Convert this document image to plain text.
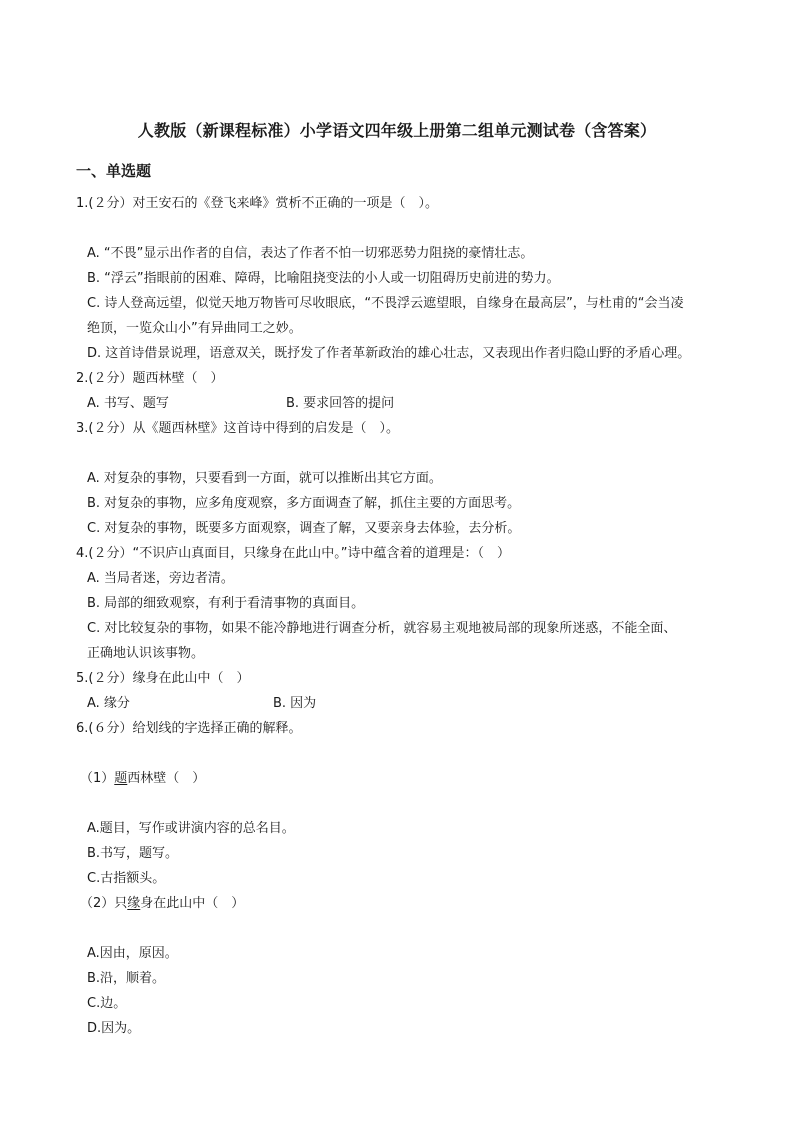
人教版（新课程标准）小学语文四年级上册第二组单元测试卷（含答案）
一、单选题
1.(２分）对王安石的《登飞来峰》赏析不正确的一项是（　）。
A. “不畏”显示出作者的自信，表达了作者不怕一切邪恶势力阻挠的豪情壮志。
B. “浮云”指眼前的困难、障碍，比喻阻挠变法的小人或一切阻碍历史前进的势力。
C. 诗人登高远望，似觉天地万物皆可尽收眼底，“不畏浮云遮望眼，自缘身在最高层”，与杜甫的“会当凌
绝顶，一览众山小”有异曲同工之妙。
D. 这首诗借景说理，语意双关，既抒发了作者革新政治的雄心壮志，又表现出作者归隐山野的矛盾心理。
2.(２分）题西林壁（　）
A. 书写、题写	B. 要求回答的提问
3.(２分）从《题西林壁》这首诗中得到的启发是（　）。
A. 对复杂的事物，只要看到一方面，就可以推断出其它方面。
B. 对复杂的事物，应多角度观察，多方面调查了解，抓住主要的方面思考。
C. 对复杂的事物，既要多方面观察，调查了解，又要亲身去体验，去分析。
4.(２分）“不识庐山真面目，只缘身在此山中。”诗中蕴含着的道理是：（　）
A. 当局者迷，旁边者清。
B. 局部的细致观察，有利于看清事物的真面目。
C. 对比较复杂的事物，如果不能冷静地进行调查分析，就容易主观地被局部的现象所迷惑，不能全面、
正确地认识该事物。
5.(２分）缘身在此山中（　）
A. 缘分	B. 因为
6.(６分）给划线的字选择正确的解释。
（1）题西林壁（　）
A.题目，写作或讲演内容的总名目。
B.书写，题写。
C.古指额头。
（2）只缘身在此山中（　）
A.因由，原因。
B.沿，顺着。
C.边。
D.因为。
